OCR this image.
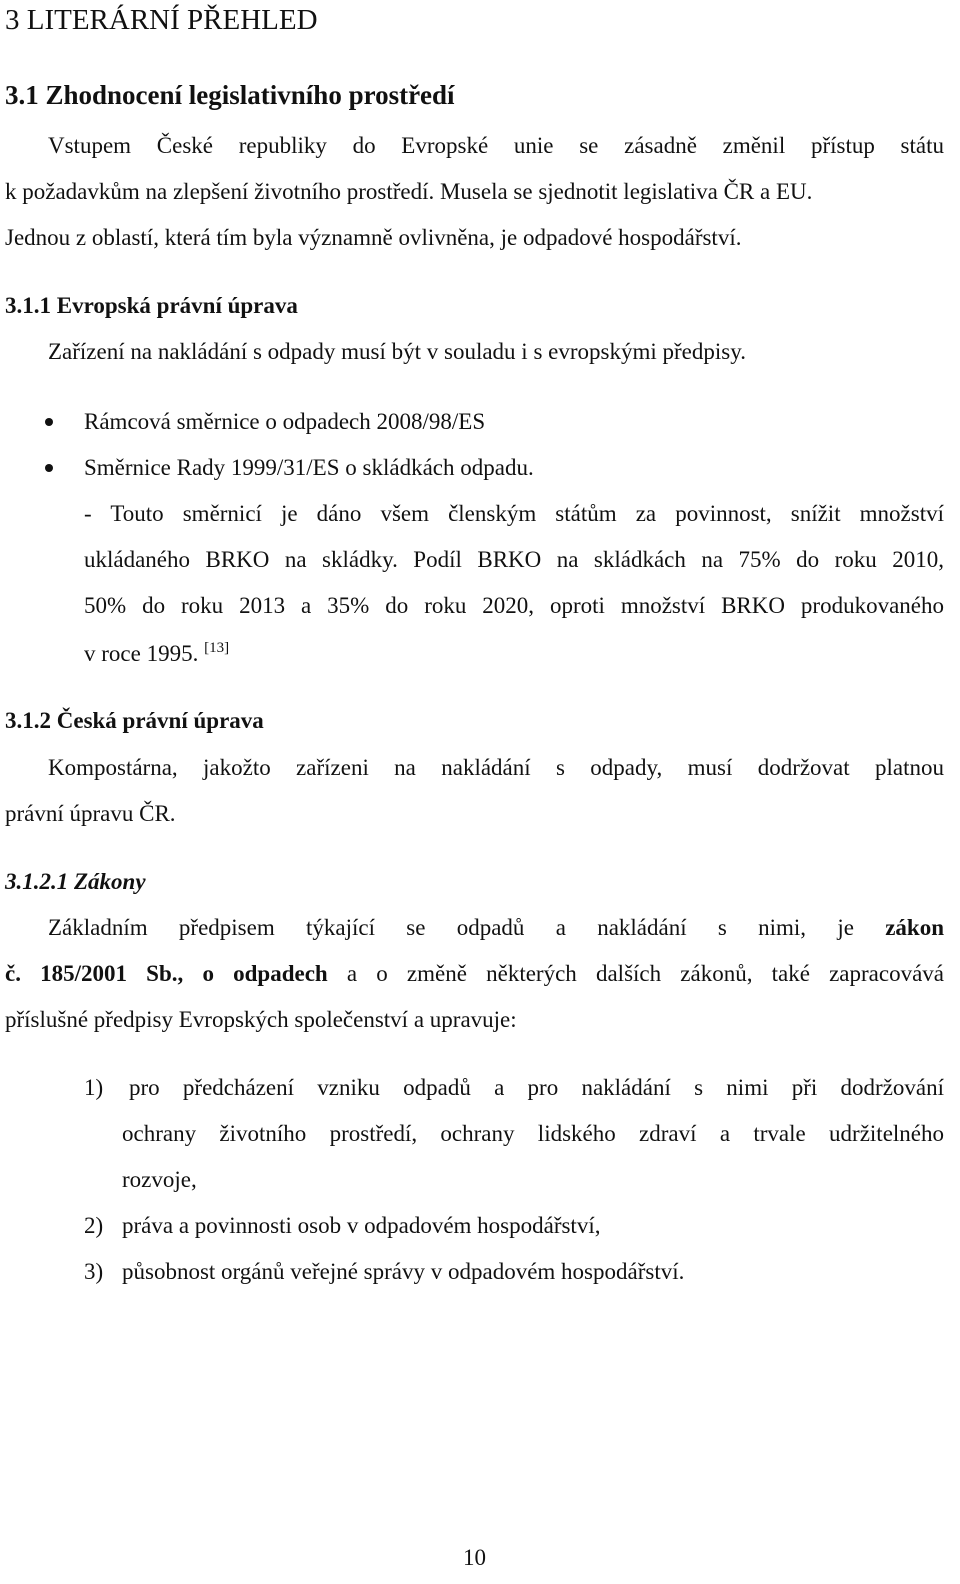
3 LITERÁRNÍ PŘEHLED
3.1 Zhodnocení legislativního prostředí
Vstupem České republiky do Evropské unie se zásadně změnil přístup státu
k požadavkům na zlepšení životního prostředí. Musela se sjednotit legislativa ČR a EU.
Jednou z oblastí, která tím byla významně ovlivněna, je odpadové hospodářství.
3.1.1 Evropská právní úprava
Zařízení na nakládání s odpady musí být v souladu i s evropskými předpisy.
Rámcová směrnice o odpadech 2008/98/ES
Směrnice Rady 1999/31/ES o skládkách odpadu.
- Touto směrnicí je dáno všem členským státům za povinnost, snížit množství
ukládaného BRKO na skládky. Podíl BRKO na skládkách na 75% do roku 2010,
50% do roku 2013 a 35% do roku 2020, oproti množství BRKO produkovaného
v roce 1995. [13]
3.1.2 Česká právní úprava
Kompostárna, jakožto zařízeni na nakládání s odpady, musí dodržovat platnou
právní úpravu ČR.
3.1.2.1 Zákony
Základním předpisem týkající se odpadů a nakládání s nimi, je zákon
č. 185/2001 Sb., o odpadech a o změně některých dalších zákonů, také zapracovává
příslušné předpisy Evropských společenství a upravuje:
1) pro předcházení vzniku odpadů a pro nakládání s nimi při dodržování
ochrany životního prostředí, ochrany lidského zdraví a trvale udržitelného
rozvoje,
2) práva a povinnosti osob v odpadovém hospodářství,
3) působnost orgánů veřejné správy v odpadovém hospodářství.
10
